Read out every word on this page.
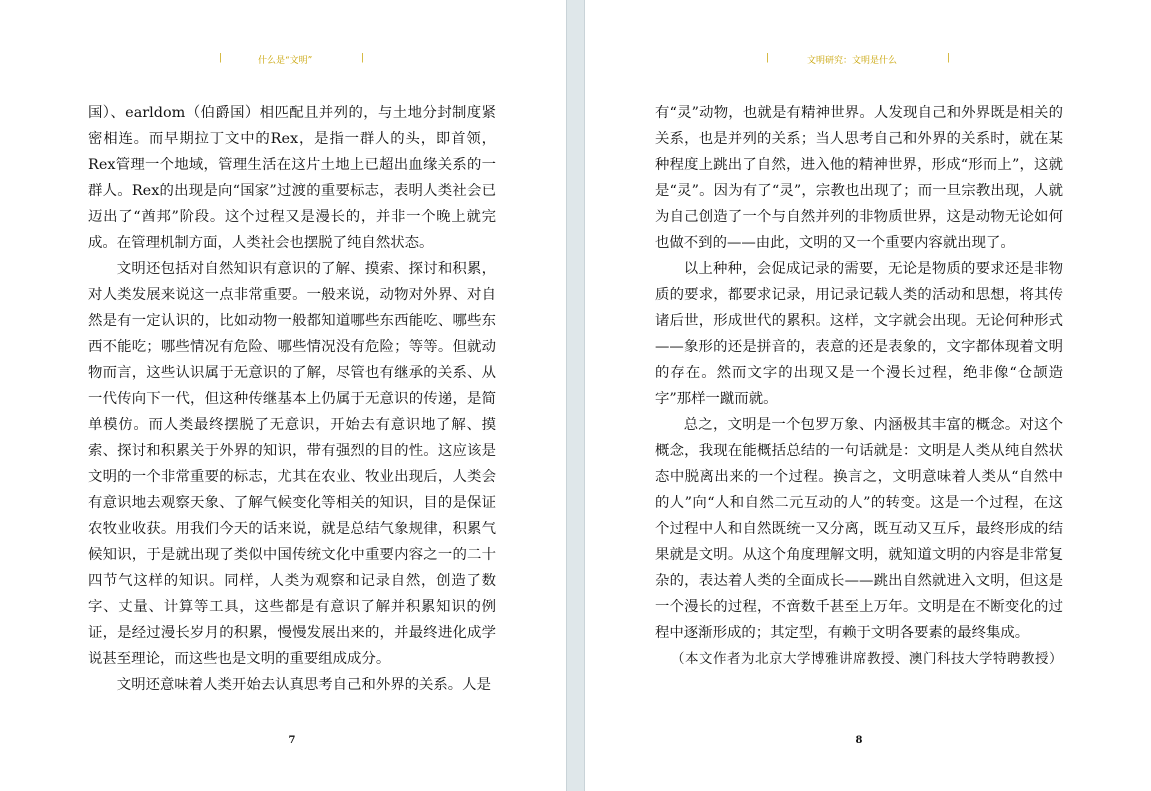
|	什么是“文明”	|

国）、earldom（伯爵国）相匹配且并列的，与土地分封制度紧密相连。而早期拉丁文中的Rex，是指一群人的头，即首领，Rex管理一个地域，管理生活在这片土地上已超出血缘关系的一群人。Rex的出现是向“国家”过渡的重要标志，表明人类社会已迈出了“酋邦”阶段。这个过程又是漫长的，并非一个晚上就完成。在管理机制方面，人类社会也摆脱了纯自然状态。

文明还包括对自然知识有意识的了解、摸索、探讨和积累，对人类发展来说这一点非常重要。一般来说，动物对外界、对自然是有一定认识的，比如动物一般都知道哪些东西能吃、哪些东西不能吃；哪些情况有危险、哪些情况没有危险；等等。但就动物而言，这些认识属于无意识的了解，尽管也有继承的关系、从一代传向下一代，但这种传继基本上仍属于无意识的传递，是简单模仿。而人类最终摆脱了无意识，开始去有意识地了解、摸索、探讨和积累关于外界的知识，带有强烈的目的性。这应该是文明的一个非常重要的标志，尤其在农业、牧业出现后，人类会有意识地去观察天象、了解气候变化等相关的知识，目的是保证农牧业收获。用我们今天的话来说，就是总结气象规律，积累气候知识，于是就出现了类似中国传统文化中重要内容之一的二十四节气这样的知识。同样，人类为观察和记录自然，创造了数字、丈量、计算等工具，这些都是有意识了解并积累知识的例证，是经过漫长岁月的积累，慢慢发展出来的，并最终进化成学说甚至理论，而这些也是文明的重要组成成分。

文明还意味着人类开始去认真思考自己和外界的关系。人是

7
|	文明研究：文明是什么	|

有“灵”动物，也就是有精神世界。人发现自己和外界既是相关的关系，也是并列的关系；当人思考自己和外界的关系时，就在某种程度上跳出了自然，进入他的精神世界，形成“形而上”，这就是“灵”。因为有了“灵”，宗教也出现了；而一旦宗教出现，人就为自己创造了一个与自然并列的非物质世界，这是动物无论如何也做不到的——由此，文明的又一个重要内容就出现了。

以上种种，会促成记录的需要，无论是物质的要求还是非物质的要求，都要求记录，用记录记载人类的活动和思想，将其传诸后世，形成世代的累积。这样，文字就会出现。无论何种形式——象形的还是拼音的，表意的还是表象的，文字都体现着文明的存在。然而文字的出现又是一个漫长过程，绝非像“仓颉造字”那样一蹴而就。

总之，文明是一个包罗万象、内涵极其丰富的概念。对这个概念，我现在能概括总结的一句话就是：文明是人类从纯自然状态中脱离出来的一个过程。换言之，文明意味着人类从“自然中的人”向“人和自然二元互动的人”的转变。这是一个过程，在这个过程中人和自然既统一又分离，既互动又互斥，最终形成的结果就是文明。从这个角度理解文明，就知道文明的内容是非常复杂的，表达着人类的全面成长——跳出自然就进入文明，但这是一个漫长的过程，不啻数千甚至上万年。文明是在不断变化的过程中逐渐形成的；其定型，有赖于文明各要素的最终集成。

（本文作者为北京大学博雅讲席教授、澳门科技大学特聘教授）

8
